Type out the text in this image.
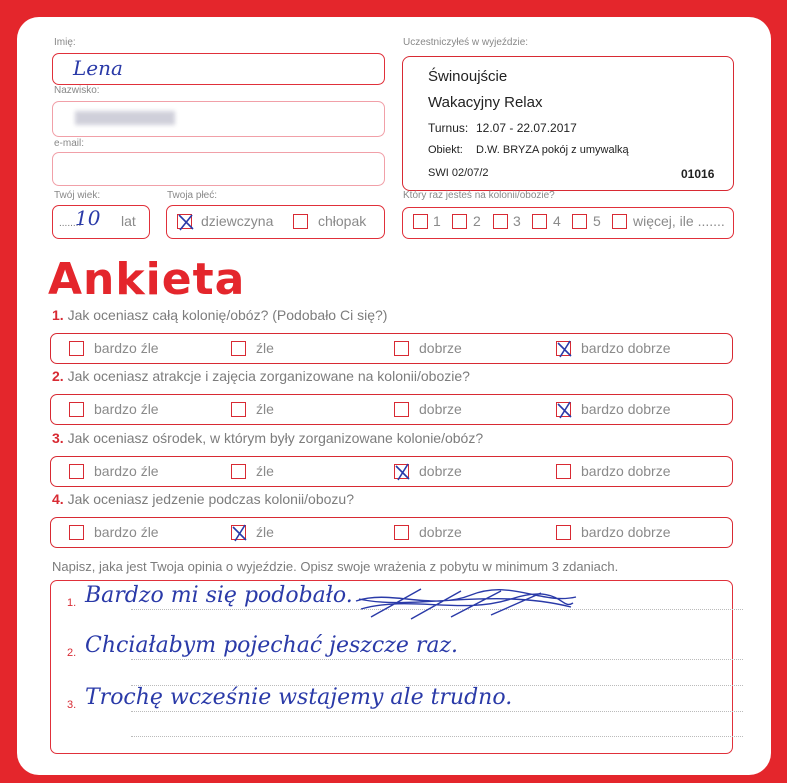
Imię:
Lena
Nazwisko:
e-mail:
Twój wiek:
........
10 lat
Twoja płeć:
dziewczyna	chłopak
Uczestniczyłeś w wyjeździe:
Świnoujście
Wakacyjny Relax
Turnus: 12.07 - 22.07.2017
Obiekt: D.W. BRYZA pokój z umywalką
SWI 02/07/2	01016
Który raz jesteś na kolonii/obozie?
1 2 3 4 5 więcej, ile .......
Ankieta
1. Jak oceniasz całą kolonię/obóz? (Podobało Ci się?)
bardzo źle	źle	dobrze	bardzo dobrze
2. Jak oceniasz atrakcje i zajęcia zorganizowane na kolonii/obozie?
bardzo źle	źle	dobrze	bardzo dobrze
3. Jak oceniasz ośrodek, w którym były zorganizowane kolonie/obóz?
bardzo źle	źle	dobrze	bardzo dobrze
4. Jak oceniasz jedzenie podczas kolonii/obozu?
bardzo źle	źle	dobrze	bardzo dobrze
Napisz, jaka jest Twoja opinia o wyjeździe. Opisz swoje wrażenia z pobytu w minimum 3 zdaniach.
1. Bardzo mi się podobało.
2. Chciałabym pojechać jeszcze raz.
3. Trochę wcześnie wstajemy ale trudno.
